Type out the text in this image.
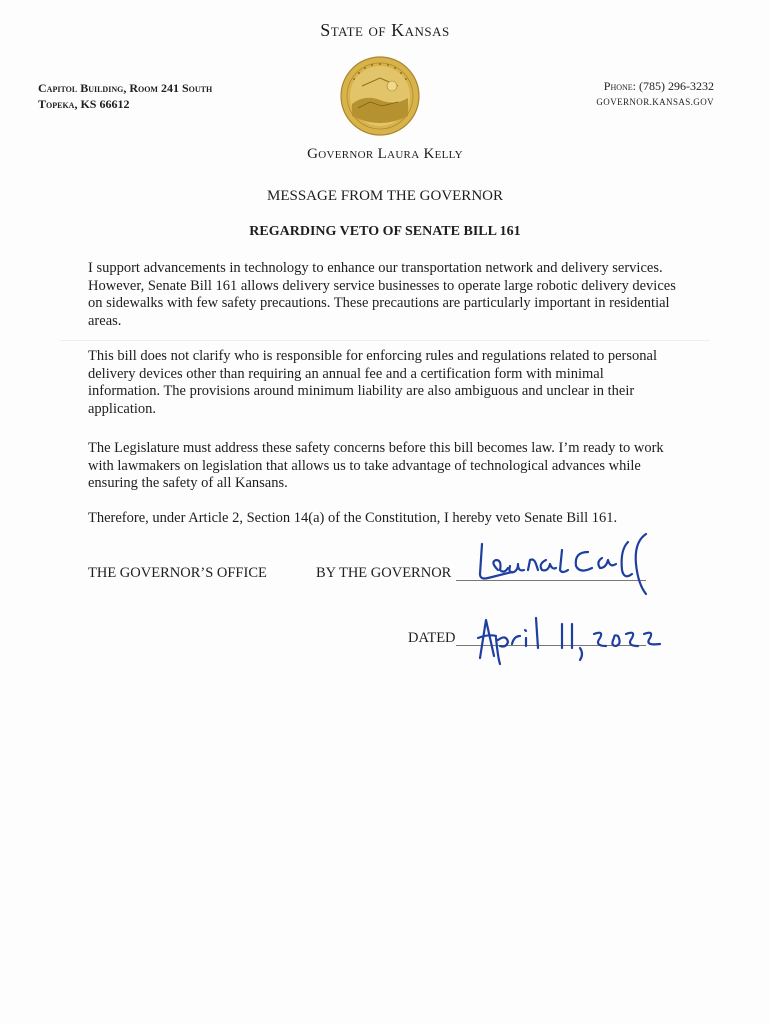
State of Kansas
Capitol Building, Room 241 South
Topeka, KS 66612
Phone: (785) 296-3232
GOVERNOR.KANSAS.GOV
Governor Laura Kelly
MESSAGE FROM THE GOVERNOR
REGARDING VETO OF SENATE BILL 161
I support advancements in technology to enhance our transportation network and delivery services. However, Senate Bill 161 allows delivery service businesses to operate large robotic delivery devices on sidewalks with few safety precautions. These precautions are particularly important in residential areas.
This bill does not clarify who is responsible for enforcing rules and regulations related to personal delivery devices other than requiring an annual fee and a certification form with minimal information. The provisions around minimum liability are also ambiguous and unclear in their application.
The Legislature must address these safety concerns before this bill becomes law. I’m ready to work with lawmakers on legislation that allows us to take advantage of technological advances while ensuring the safety of all Kansans.
Therefore, under Article 2, Section 14(a) of the Constitution, I hereby veto Senate Bill 161.
THE GOVERNOR’S OFFICE	BY THE GOVERNOR
DATED
